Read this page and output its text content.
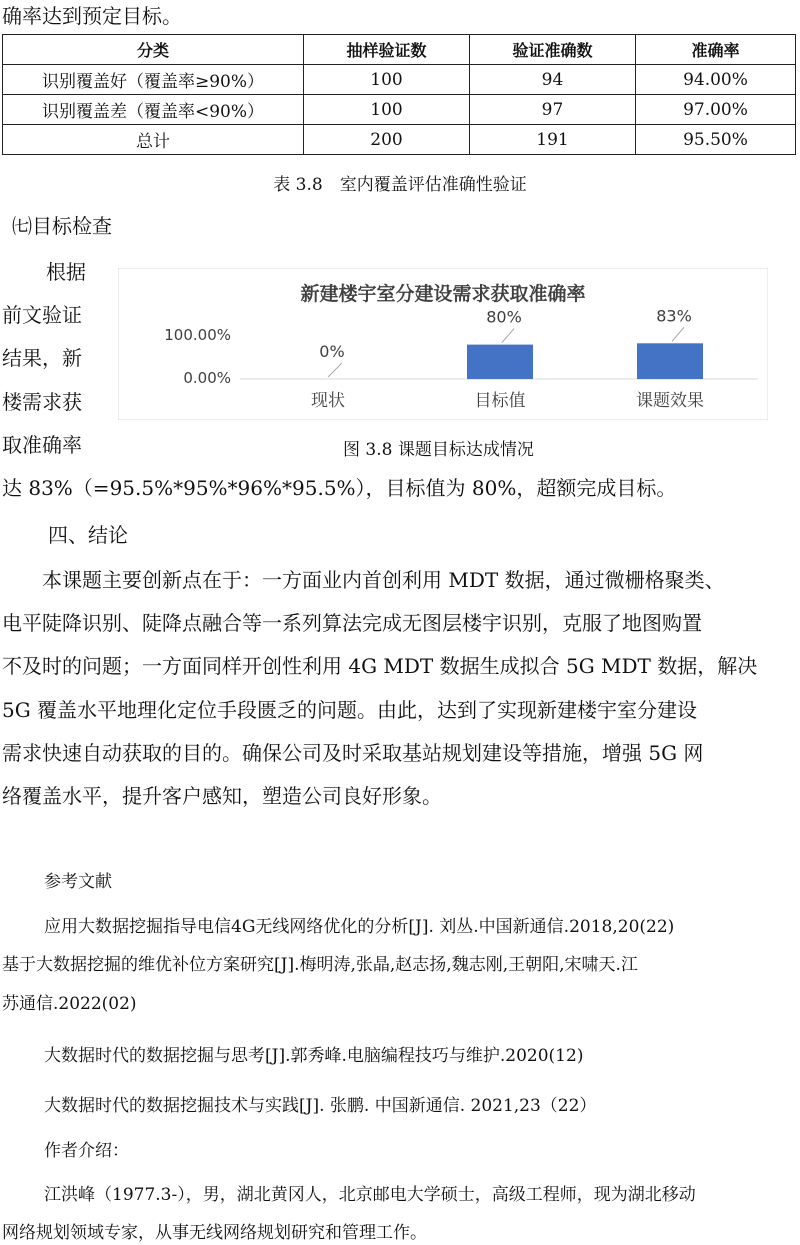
确率达到预定目标。
分类	抽样验证数	验证准确数	准确率
识别覆盖好（覆盖率≥90%）	100	94	94.00%
识别覆盖差（覆盖率<90%）	100	97	97.00%
总计	200	191	95.50%
表 3.8　室内覆盖评估准确性验证
㈦目标检查
根据
前文验证
结果，新
楼需求获
取准确率
新建楼宇室分建设需求获取准确率
100.00%
0.00%
0%
现状
80%
目标值
83%
课题效果
图 3.8 课题目标达成情况
达 83%（=95.5%*95%*96%*95.5%），目标值为 80%，超额完成目标。
四、结论
　　本课题主要创新点在于：一方面业内首创利用 MDT 数据，通过微栅格聚类、
电平陡降识别、陡降点融合等一系列算法完成无图层楼宇识别，克服了地图购置
不及时的问题；一方面同样开创性利用 4G MDT 数据生成拟合 5G MDT 数据，解决
5G 覆盖水平地理化定位手段匮乏的问题。由此，达到了实现新建楼宇室分建设
需求快速自动获取的目的。确保公司及时采取基站规划建设等措施，增强 5G 网
络覆盖水平，提升客户感知，塑造公司良好形象。
参考文献
应用大数据挖掘指导电信4G无线网络优化的分析[J]. 刘丛.中国新通信.2018,20(22)
基于大数据挖掘的维优补位方案研究[J].梅明涛,张晶,赵志扬,魏志刚,王朝阳,宋啸天.江
苏通信.2022(02)
大数据时代的数据挖掘与思考[J].郭秀峰.电脑编程技巧与维护.2020(12)
大数据时代的数据挖掘技术与实践[J]. 张鹏. 中国新通信. 2021,23（22）
作者介绍：
江洪峰（1977.3-），男，湖北黄冈人，北京邮电大学硕士，高级工程师，现为湖北移动
网络规划领域专家，从事无线网络规划研究和管理工作。
